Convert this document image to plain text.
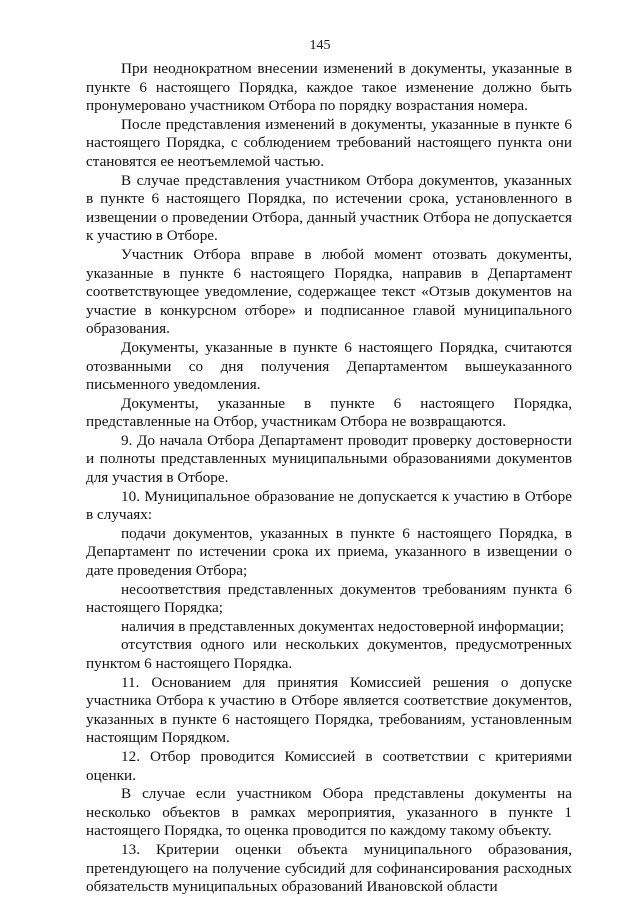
145

При неоднократном внесении изменений в документы, указанные в пункте 6 настоящего Порядка, каждое такое изменение должно быть пронумеровано участником Отбора по порядку возрастания номера.

После представления изменений в документы, указанные в пункте 6 настоящего Порядка, с соблюдением требований настоящего пункта они становятся ее неотъемлемой частью.

В случае представления участником Отбора документов, указанных в пункте 6 настоящего Порядка, по истечении срока, установленного в извещении о проведении Отбора, данный участник Отбора не допускается к участию в Отборе.

Участник Отбора вправе в любой момент отозвать документы, указанные в пункте 6 настоящего Порядка, направив в Департамент соответствующее уведомление, содержащее текст «Отзыв документов на участие в конкурсном отборе» и подписанное главой муниципального образования.

Документы, указанные в пункте 6 настоящего Порядка, считаются отозванными со дня получения Департаментом вышеуказанного письменного уведомления.

Документы, указанные в пункте 6 настоящего Порядка, представленные на Отбор, участникам Отбора не возвращаются.

9. До начала Отбора Департамент проводит проверку достоверности и полноты представленных муниципальными образованиями документов для участия в Отборе.

10. Муниципальное образование не допускается к участию в Отборе в случаях:

подачи документов, указанных в пункте 6 настоящего Порядка, в Департамент по истечении срока их приема, указанного в извещении о дате проведения Отбора;

несоответствия представленных документов требованиям пункта 6 настоящего Порядка;

наличия в представленных документах недостоверной информации;

отсутствия одного или нескольких документов, предусмотренных пунктом 6 настоящего Порядка.

11. Основанием для принятия Комиссией решения о допуске участника Отбора к участию в Отборе является соответствие документов, указанных в пункте 6 настоящего Порядка, требованиям, установленным настоящим Порядком.

12. Отбор проводится Комиссией в соответствии с критериями оценки.

В случае если участником Обора представлены документы на несколько объектов в рамках мероприятия, указанного в пункте 1 настоящего Порядка, то оценка проводится по каждому такому объекту.

13. Критерии оценки объекта муниципального образования, претендующего на получение субсидий для софинансирования расходных обязательств муниципальных образований Ивановской области
